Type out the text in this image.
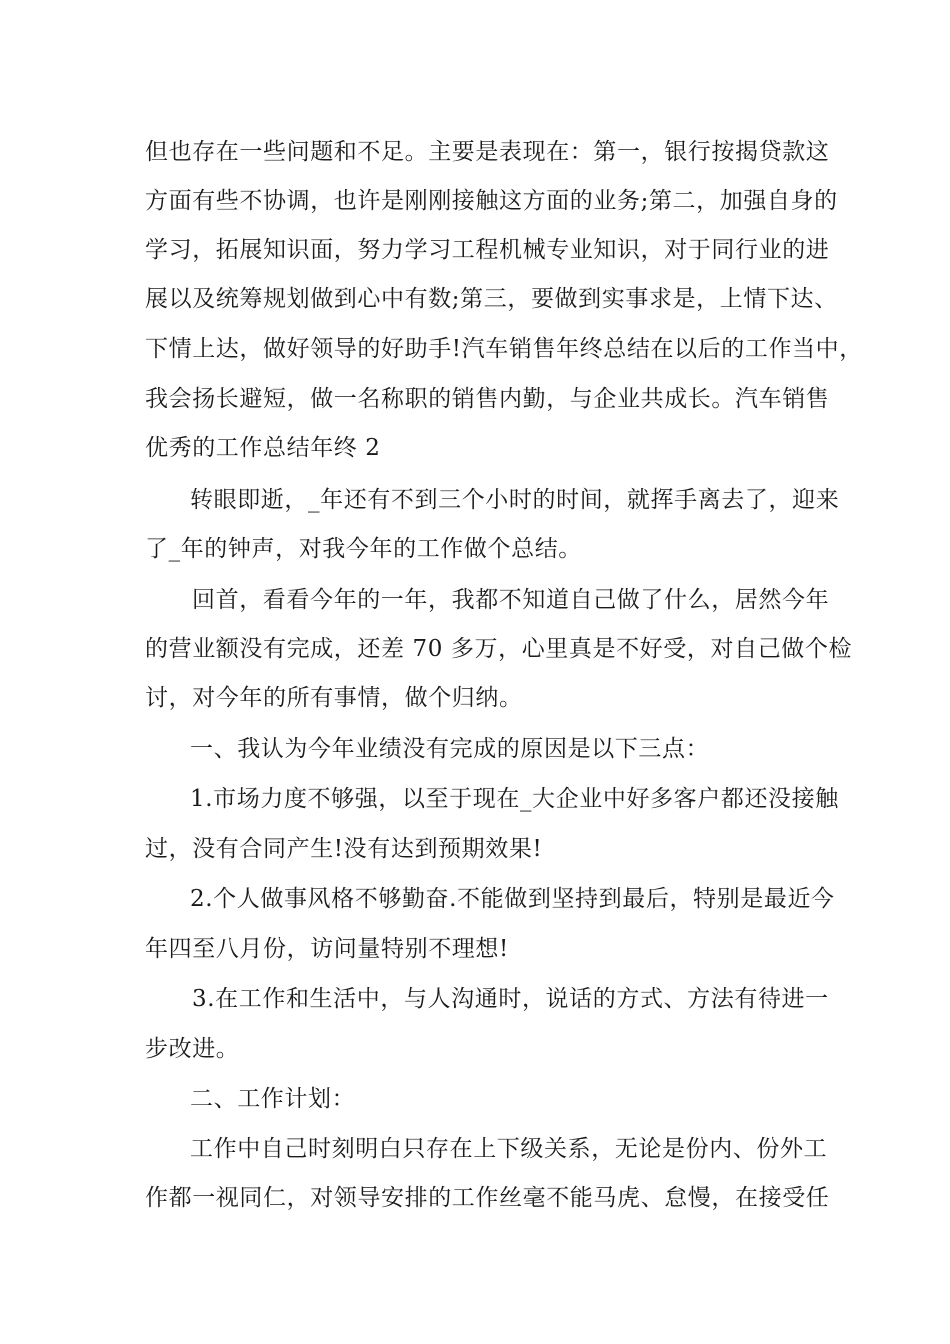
但也存在一些问题和不足。主要是表现在：第一，银行按揭贷款这
方面有些不协调，也许是刚刚接触这方面的业务;第二，加强自身的
学习，拓展知识面，努力学习工程机械专业知识，对于同行业的进
展以及统筹规划做到心中有数;第三，要做到实事求是，上情下达、
下情上达，做好领导的好助手!汽车销售年终总结在以后的工作当中，
我会扬长避短，做一名称职的销售内勤，与企业共成长。汽车销售
优秀的工作总结年终 2
转眼即逝，_年还有不到三个小时的时间，就挥手离去了，迎来
了_年的钟声，对我今年的工作做个总结。
回首，看看今年的一年，我都不知道自己做了什么，居然今年
的营业额没有完成，还差 70 多万，心里真是不好受，对自己做个检
讨，对今年的所有事情，做个归纳。
一、我认为今年业绩没有完成的原因是以下三点：
1.市场力度不够强，以至于现在_大企业中好多客户都还没接触
过，没有合同产生!没有达到预期效果!
2.个人做事风格不够勤奋.不能做到坚持到最后，特别是最近今
年四至八月份，访问量特别不理想!
3.在工作和生活中，与人沟通时，说话的方式、方法有待进一
步改进。
二、工作计划：
工作中自己时刻明白只存在上下级关系，无论是份内、份外工
作都一视同仁，对领导安排的工作丝毫不能马虎、怠慢，在接受任
